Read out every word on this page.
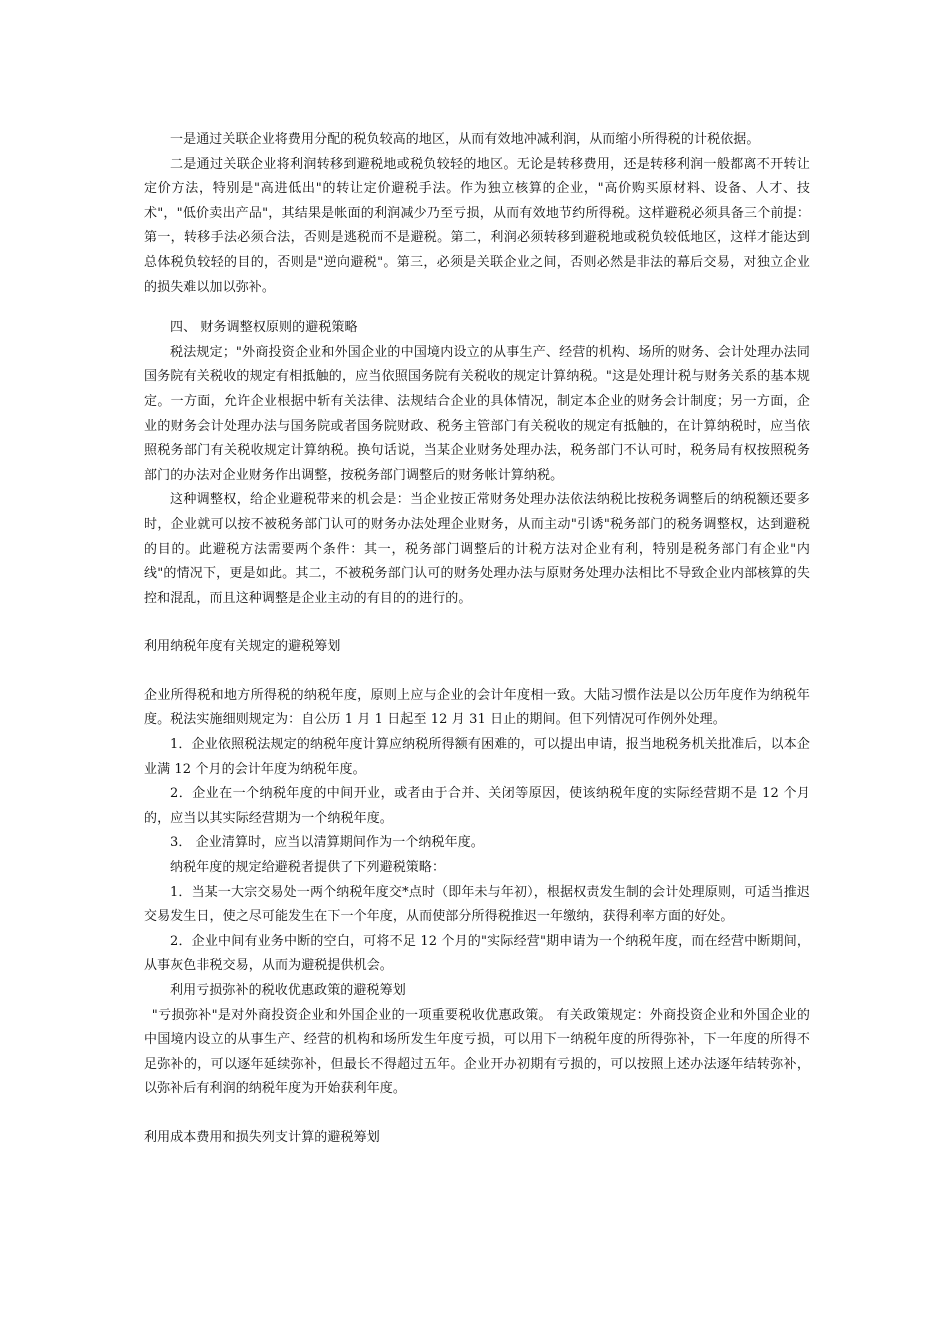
一是通过关联企业将费用分配的税负较高的地区，从而有效地冲减利润，从而缩小所得税的计税依据。

二是通过关联企业将利润转移到避税地或税负较轻的地区。无论是转移费用，还是转移利润一般都离不开转让定价方法，特别是"高进低出"的转让定价避税手法。作为独立核算的企业，"高价购买原材料、设备、人才、技术"，"低价卖出产品"，其结果是帐面的利润减少乃至亏损，从而有效地节约所得税。这样避税必须具备三个前提：第一，转移手法必须合法，否则是逃税而不是避税。第二，利润必须转移到避税地或税负较低地区，这样才能达到总体税负较轻的目的，否则是"逆向避税"。第三，必须是关联企业之间，否则必然是非法的幕后交易，对独立企业的损失难以加以弥补。

四、 财务调整权原则的避税策略

税法规定；"外商投资企业和外国企业的中国境内设立的从事生产、经营的机构、场所的财务、会计处理办法同国务院有关税收的规定有相抵触的，应当依照国务院有关税收的规定计算纳税。"这是处理计税与财务关系的基本规定。一方面，允许企业根据中斩有关法律、法规结合企业的具体情况，制定本企业的财务会计制度；另一方面，企业的财务会计处理办法与国务院或者国务院财政、税务主管部门有关税收的规定有抵触的，在计算纳税时，应当依照税务部门有关税收规定计算纳税。换句话说，当某企业财务处理办法，税务部门不认可时，税务局有权按照税务部门的办法对企业财务作出调整，按税务部门调整后的财务帐计算纳税。

这种调整权，给企业避税带来的机会是：当企业按正常财务处理办法依法纳税比按税务调整后的纳税额还要多时，企业就可以按不被税务部门认可的财务办法处理企业财务，从而主动"引诱"税务部门的税务调整权，达到避税的目的。此避税方法需要两个条件：其一，税务部门调整后的计税方法对企业有利，特别是税务部门有企业"内线"的情况下，更是如此。其二，不被税务部门认可的财务处理办法与原财务处理办法相比不导致企业内部核算的失控和混乱，而且这种调整是企业主动的有目的的进行的。

利用纳税年度有关规定的避税筹划

企业所得税和地方所得税的纳税年度，原则上应与企业的会计年度相一致。大陆习惯作法是以公历年度作为纳税年度。税法实施细则规定为：自公历 1 月 1 日起至 12 月 31 日止的期间。但下列情况可作例外处理。

1．企业依照税法规定的纳税年度计算应纳税所得额有困难的，可以提出申请，报当地税务机关批准后，以本企业满 12 个月的会计年度为纳税年度。

2．企业在一个纳税年度的中间开业，或者由于合并、关闭等原因，使该纳税年度的实际经营期不是 12 个月的，应当以其实际经营期为一个纳税年度。

3． 企业清算时，应当以清算期间作为一个纳税年度。

纳税年度的规定给避税者提供了下列避税策略：

1．当某一大宗交易处一两个纳税年度交*点时（即年未与年初），根据权责发生制的会计处理原则，可适当推迟交易发生日，使之尽可能发生在下一个年度，从而使部分所得税推迟一年缴纳，获得利率方面的好处。

2．企业中间有业务中断的空白，可将不足 12 个月的"实际经营"期申请为一个纳税年度，而在经营中断期间，从事灰色非税交易，从而为避税提供机会。

利用亏损弥补的税收优惠政策的避税筹划

"亏损弥补"是对外商投资企业和外国企业的一项重要税收优惠政策。 有关政策规定：外商投资企业和外国企业的中国境内设立的从事生产、经营的机构和场所发生年度亏损，可以用下一纳税年度的所得弥补，下一年度的所得不足弥补的，可以逐年延续弥补，但最长不得超过五年。企业开办初期有亏损的，可以按照上述办法逐年结转弥补，以弥补后有利润的纳税年度为开始获利年度。

利用成本费用和损失列支计算的避税筹划
